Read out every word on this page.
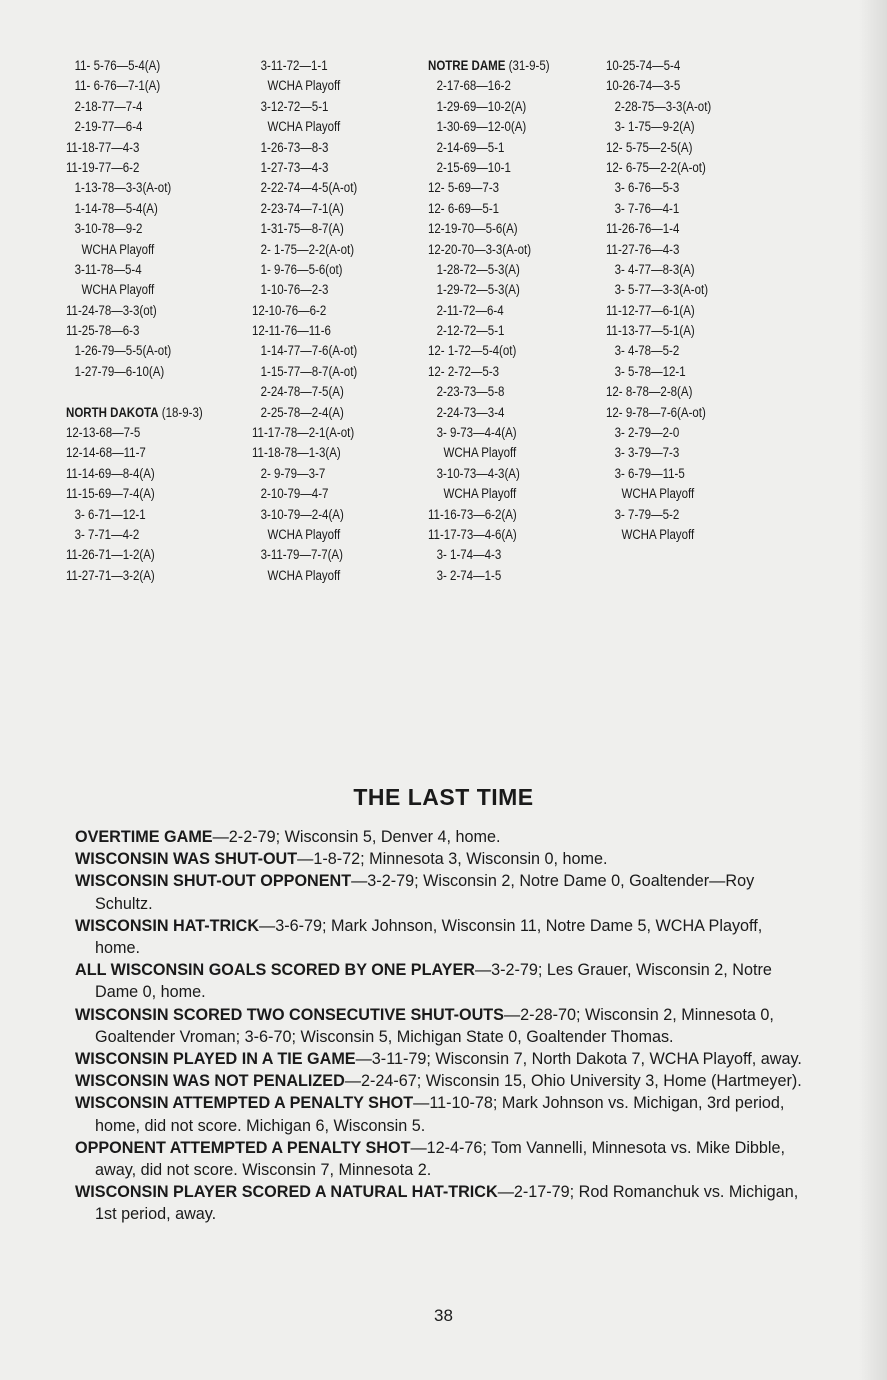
11- 5-76—5-4(A)
11- 6-76—7-1(A)
2-18-77—7-4
2-19-77—6-4
11-18-77—4-3
11-19-77—6-2
1-13-78—3-3(A-ot)
1-14-78—5-4(A)
3-10-78—9-2
WCHA Playoff
3-11-78—5-4
WCHA Playoff
11-24-78—3-3(ot)
11-25-78—6-3
1-26-79—5-5(A-ot)
1-27-79—6-10(A)
NORTH DAKOTA (18-9-3)
12-13-68—7-5
12-14-68—11-7
11-14-69—8-4(A)
11-15-69—7-4(A)
3- 6-71—12-1
3- 7-71—4-2
11-26-71—1-2(A)
11-27-71—3-2(A)
3-11-72—1-1
WCHA Playoff
3-12-72—5-1
WCHA Playoff
1-26-73—8-3
1-27-73—4-3
2-22-74—4-5(A-ot)
2-23-74—7-1(A)
1-31-75—8-7(A)
2- 1-75—2-2(A-ot)
1- 9-76—5-6(ot)
1-10-76—2-3
12-10-76—6-2
12-11-76—11-6
1-14-77—7-6(A-ot)
1-15-77—8-7(A-ot)
2-24-78—7-5(A)
2-25-78—2-4(A)
11-17-78—2-1(A-ot)
11-18-78—1-3(A)
2- 9-79—3-7
2-10-79—4-7
3-10-79—2-4(A)
WCHA Playoff
3-11-79—7-7(A)
WCHA Playoff
NOTRE DAME (31-9-5)
2-17-68—16-2
1-29-69—10-2(A)
1-30-69—12-0(A)
2-14-69—5-1
2-15-69—10-1
12- 5-69—7-3
12- 6-69—5-1
12-19-70—5-6(A)
12-20-70—3-3(A-ot)
1-28-72—5-3(A)
1-29-72—5-3(A)
2-11-72—6-4
2-12-72—5-1
12- 1-72—5-4(ot)
12- 2-72—5-3
2-23-73—5-8
2-24-73—3-4
3- 9-73—4-4(A)
WCHA Playoff
3-10-73—4-3(A)
WCHA Playoff
11-16-73—6-2(A)
11-17-73—4-6(A)
3- 1-74—4-3
3- 2-74—1-5
10-25-74—5-4
10-26-74—3-5
2-28-75—3-3(A-ot)
3- 1-75—9-2(A)
12- 5-75—2-5(A)
12- 6-75—2-2(A-ot)
3- 6-76—5-3
3- 7-76—4-1
11-26-76—1-4
11-27-76—4-3
3- 4-77—8-3(A)
3- 5-77—3-3(A-ot)
11-12-77—6-1(A)
11-13-77—5-1(A)
3- 4-78—5-2
3- 5-78—12-1
12- 8-78—2-8(A)
12- 9-78—7-6(A-ot)
3- 2-79—2-0
3- 3-79—7-3
3- 6-79—11-5
WCHA Playoff
3- 7-79—5-2
WCHA Playoff
THE LAST TIME

OVERTIME GAME—2-2-79; Wisconsin 5, Denver 4, home.

WISCONSIN WAS SHUT-OUT—1-8-72; Minnesota 3, Wisconsin 0, home.

WISCONSIN SHUT-OUT OPPONENT—3-2-79; Wisconsin 2, Notre Dame 0, Goaltender—Roy Schultz.

WISCONSIN HAT-TRICK—3-6-79; Mark Johnson, Wisconsin 11, Notre Dame 5, WCHA Playoff, home.

ALL WISCONSIN GOALS SCORED BY ONE PLAYER—3-2-79; Les Grauer, Wisconsin 2, Notre Dame 0, home.

WISCONSIN SCORED TWO CONSECUTIVE SHUT-OUTS—2-28-70; Wisconsin 2, Minnesota 0, Goaltender Vroman; 3-6-70; Wisconsin 5, Michigan State 0, Goaltender Thomas.

WISCONSIN PLAYED IN A TIE GAME—3-11-79; Wisconsin 7, North Dakota 7, WCHA Playoff, away.

WISCONSIN WAS NOT PENALIZED—2-24-67; Wisconsin 15, Ohio University 3, Home (Hartmeyer).

WISCONSIN ATTEMPTED A PENALTY SHOT—11-10-78; Mark Johnson vs. Michigan, 3rd period, home, did not score. Michigan 6, Wisconsin 5.

OPPONENT ATTEMPTED A PENALTY SHOT—12-4-76; Tom Vannelli, Minnesota vs. Mike Dibble, away, did not score. Wisconsin 7, Minnesota 2.

WISCONSIN PLAYER SCORED A NATURAL HAT-TRICK—2-17-79; Rod Romanchuk vs. Michigan, 1st period, away.

38
